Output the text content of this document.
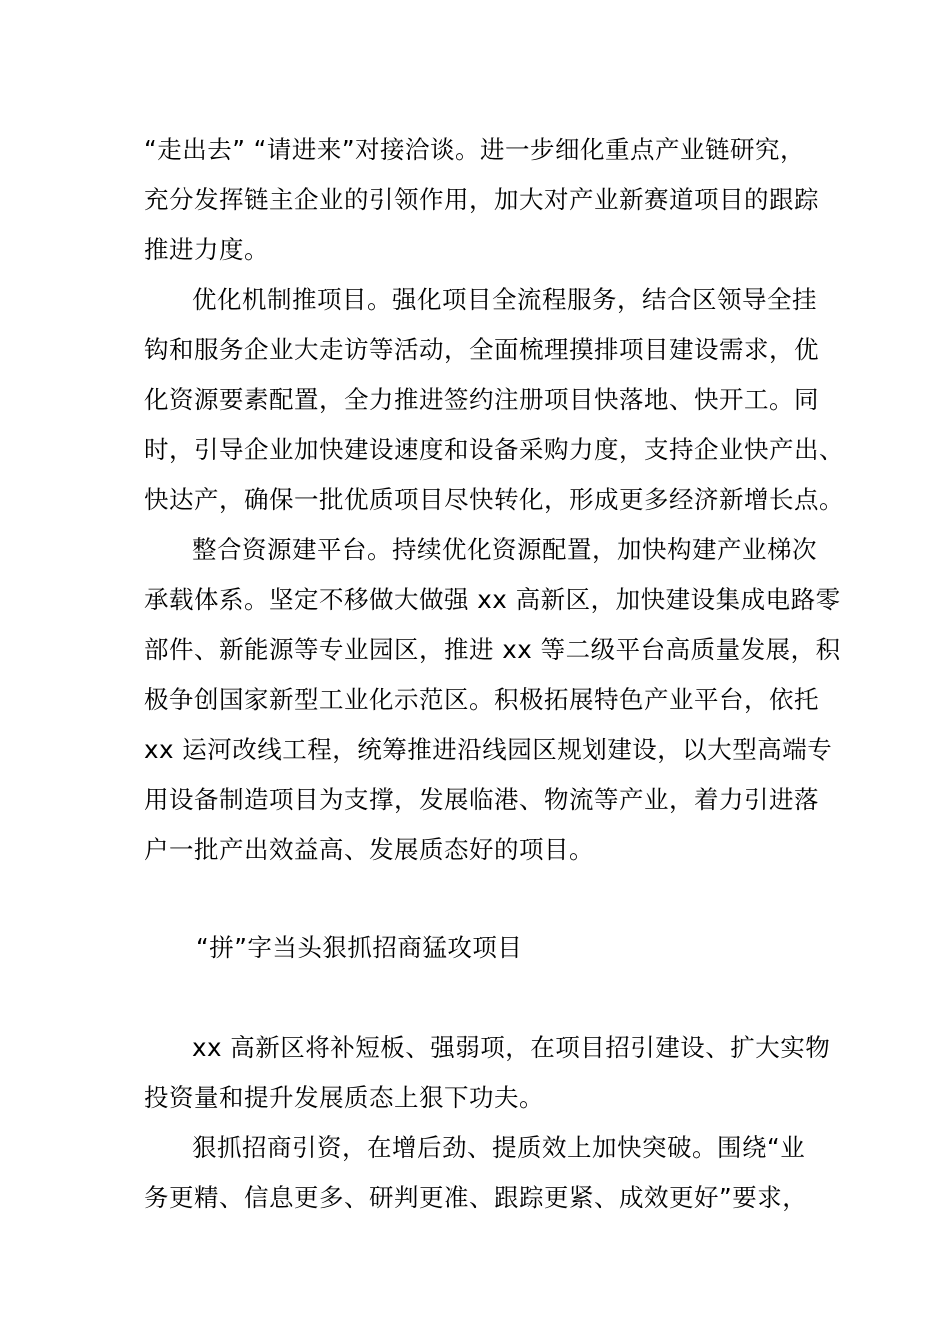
“走出去” “请进来”对接洽谈。进一步细化重点产业链研究，

充分发挥链主企业的引领作用，加大对产业新赛道项目的跟踪

推进力度。

优化机制推项目。强化项目全流程服务，结合区领导全挂

钩和服务企业大走访等活动，全面梳理摸排项目建设需求，优

化资源要素配置，全力推进签约注册项目快落地、快开工。同

时，引导企业加快建设速度和设备采购力度，支持企业快产出、

快达产，确保一批优质项目尽快转化，形成更多经济新增长点。

整合资源建平台。持续优化资源配置，加快构建产业梯次

承载体系。坚定不移做大做强 xx 高新区，加快建设集成电路零

部件、新能源等专业园区，推进 xx 等二级平台高质量发展，积

极争创国家新型工业化示范区。积极拓展特色产业平台，依托

xx 运河改线工程，统筹推进沿线园区规划建设，以大型高端专

用设备制造项目为支撑，发展临港、物流等产业，着力引进落

户一批产出效益高、发展质态好的项目。

“拼”字当头狠抓招商猛攻项目

xx 高新区将补短板、强弱项，在项目招引建设、扩大实物

投资量和提升发展质态上狠下功夫。

狠抓招商引资，在增后劲、提质效上加快突破。围绕“业

务更精、信息更多、研判更准、跟踪更紧、成效更好”要求，
